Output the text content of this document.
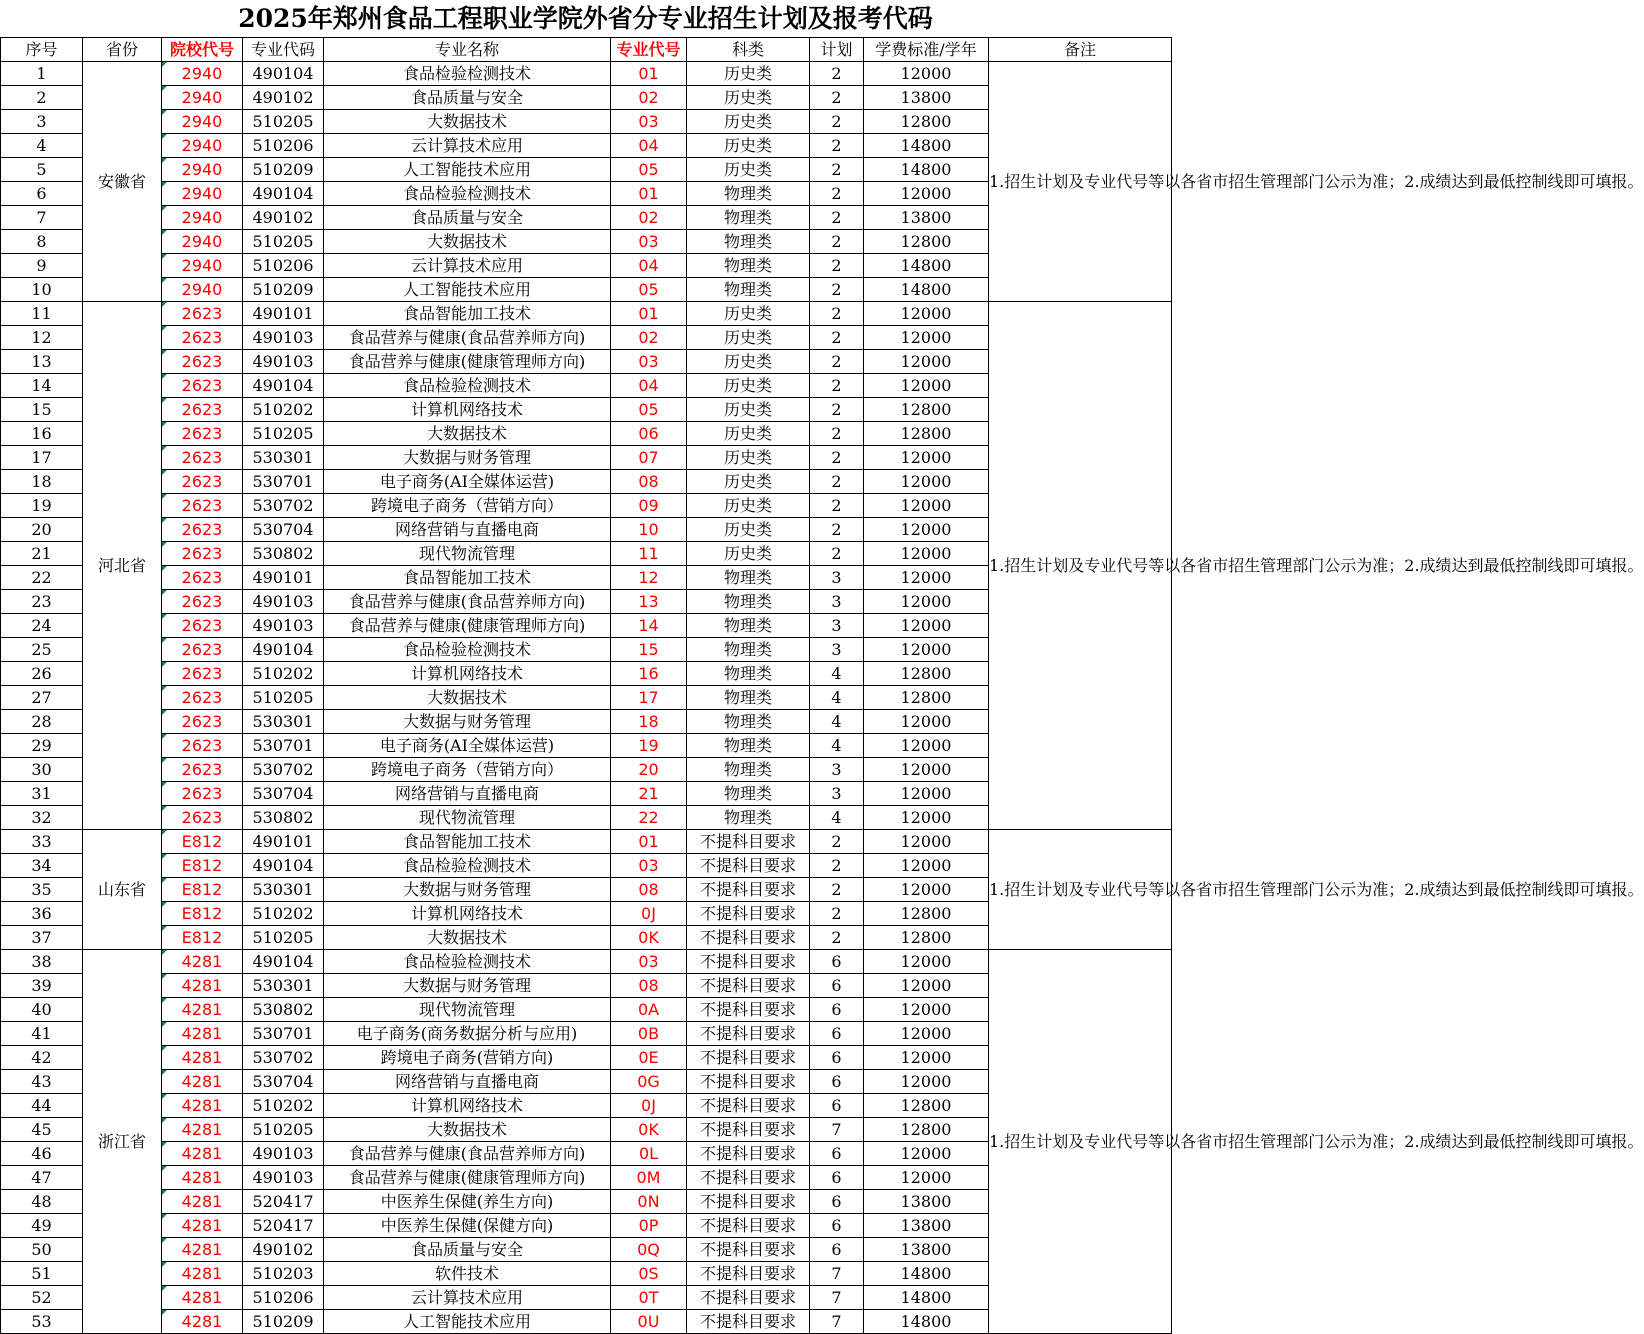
2025年郑州食品工程职业学院外省分专业招生计划及报考代码
序号	省份	院校代号	专业代码	专业名称	专业代号	科类	计划	学费标准/学年	备注
1	安徽省	2940	490104	食品检验检测技术	01	历史类	2	12000	1.招生计划及专业代号等以各省市招生管理部门公示为准；2.成绩达到最低控制线即可填报。
2		2940	490102	食品质量与安全	02	历史类	2	13800	
3		2940	510205	大数据技术	03	历史类	2	12800	
4		2940	510206	云计算技术应用	04	历史类	2	14800	
5		2940	510209	人工智能技术应用	05	历史类	2	14800	
6		2940	490104	食品检验检测技术	01	物理类	2	12000	
7		2940	490102	食品质量与安全	02	物理类	2	13800	
8		2940	510205	大数据技术	03	物理类	2	12800	
9		2940	510206	云计算技术应用	04	物理类	2	14800	
10		2940	510209	人工智能技术应用	05	物理类	2	14800	
11	河北省	2623	490101	食品智能加工技术	01	历史类	2	12000	1.招生计划及专业代号等以各省市招生管理部门公示为准；2.成绩达到最低控制线即可填报。
12		2623	490103	食品营养与健康(食品营养师方向)	02	历史类	2	12000	
13		2623	490103	食品营养与健康(健康管理师方向)	03	历史类	2	12000	
14		2623	490104	食品检验检测技术	04	历史类	2	12000	
15		2623	510202	计算机网络技术	05	历史类	2	12800	
16		2623	510205	大数据技术	06	历史类	2	12800	
17		2623	530301	大数据与财务管理	07	历史类	2	12000	
18		2623	530701	电子商务(AI全媒体运营)	08	历史类	2	12000	
19		2623	530702	跨境电子商务（营销方向）	09	历史类	2	12000	
20		2623	530704	网络营销与直播电商	10	历史类	2	12000	
21		2623	530802	现代物流管理	11	历史类	2	12000	
22		2623	490101	食品智能加工技术	12	物理类	3	12000	
23		2623	490103	食品营养与健康(食品营养师方向)	13	物理类	3	12000	
24		2623	490103	食品营养与健康(健康管理师方向)	14	物理类	3	12000	
25		2623	490104	食品检验检测技术	15	物理类	3	12000	
26		2623	510202	计算机网络技术	16	物理类	4	12800	
27		2623	510205	大数据技术	17	物理类	4	12800	
28		2623	530301	大数据与财务管理	18	物理类	4	12000	
29		2623	530701	电子商务(AI全媒体运营)	19	物理类	4	12000	
30		2623	530702	跨境电子商务（营销方向）	20	物理类	3	12000	
31		2623	530704	网络营销与直播电商	21	物理类	3	12000	
32		2623	530802	现代物流管理	22	物理类	4	12000	
33	山东省	E812	490101	食品智能加工技术	01	不提科目要求	2	12000	1.招生计划及专业代号等以各省市招生管理部门公示为准；2.成绩达到最低控制线即可填报。
34		E812	490104	食品检验检测技术	03	不提科目要求	2	12000	
35		E812	530301	大数据与财务管理	08	不提科目要求	2	12000	
36		E812	510202	计算机网络技术	0J	不提科目要求	2	12800	
37		E812	510205	大数据技术	0K	不提科目要求	2	12800	
38	浙江省	4281	490104	食品检验检测技术	03	不提科目要求	6	12000	1.招生计划及专业代号等以各省市招生管理部门公示为准；2.成绩达到最低控制线即可填报。
39		4281	530301	大数据与财务管理	08	不提科目要求	6	12000	
40		4281	530802	现代物流管理	0A	不提科目要求	6	12000	
41		4281	530701	电子商务(商务数据分析与应用)	0B	不提科目要求	6	12000	
42		4281	530702	跨境电子商务(营销方向)	0E	不提科目要求	6	12000	
43		4281	530704	网络营销与直播电商	0G	不提科目要求	6	12000	
44		4281	510202	计算机网络技术	0J	不提科目要求	6	12800	
45		4281	510205	大数据技术	0K	不提科目要求	7	12800	
46		4281	490103	食品营养与健康(食品营养师方向)	0L	不提科目要求	6	12000	
47		4281	490103	食品营养与健康(健康管理师方向)	0M	不提科目要求	6	12000	
48		4281	520417	中医养生保健(养生方向)	0N	不提科目要求	6	13800	
49		4281	520417	中医养生保健(保健方向)	0P	不提科目要求	6	13800	
50		4281	490102	食品质量与安全	0Q	不提科目要求	6	13800	
51		4281	510203	软件技术	0S	不提科目要求	7	14800	
52		4281	510206	云计算技术应用	0T	不提科目要求	7	14800	
53		4281	510209	人工智能技术应用	0U	不提科目要求	7	14800	
